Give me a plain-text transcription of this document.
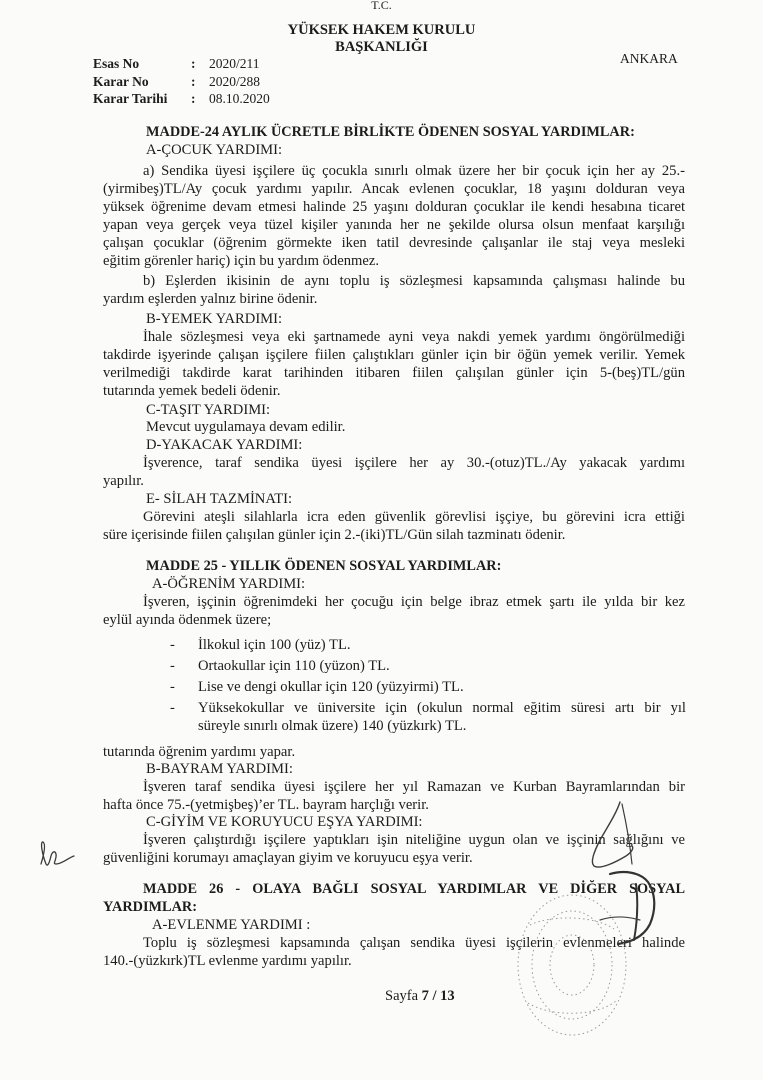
T.C.
YÜKSEK HAKEM KURULU
BAŞKANLIĞI
ANKARA
Esas No	:	2020/211
Karar No	:	2020/288
Karar Tarihi	:	08.10.2020
MADDE-24 AYLIK ÜCRETLE BİRLİKTE ÖDENEN SOSYAL YARDIMLAR:
A-ÇOCUK YARDIMI:

a) Sendika üyesi işçilere üç çocukla sınırlı olmak üzere her bir çocuk için her ay 25.-

(yirmibeş)TL/Ay çocuk yardımı yapılır. Ancak evlenen çocuklar, 18 yaşını dolduran veya

yüksek öğrenime devam etmesi halinde 25 yaşını dolduran çocuklar ile kendi hesabına ticaret

yapan veya gerçek veya tüzel kişiler yanında her ne şekilde olursa olsun menfaat karşılığı

çalışan çocuklar (öğrenim görmekte iken tatil devresinde çalışanlar ile staj veya mesleki

eğitim görenler hariç) için bu yardım ödenmez.

b) Eşlerden ikisinin de aynı toplu iş sözleşmesi kapsamında çalışması halinde bu

yardım eşlerden yalnız birine ödenir.

B-YEMEK YARDIMI:

İhale sözleşmesi veya eki şartnamede ayni veya nakdi yemek yardımı öngörülmediği

takdirde işyerinde çalışan işçilere fiilen çalıştıkları günler için bir öğün yemek verilir. Yemek

verilmediği takdirde karat tarihinden itibaren fiilen çalışılan günler için 5-(beş)TL/gün

tutarında yemek bedeli ödenir.

C-TAŞIT YARDIMI:
Mevcut uygulamaya devam edilir.
D-YAKACAK YARDIMI:

İşverence, taraf sendika üyesi işçilere her ay 30.-(otuz)TL./Ay yakacak yardımı

yapılır.

E- SİLAH TAZMİNATI:

Görevini ateşli silahlarla icra eden güvenlik görevlisi işçiye, bu görevini icra ettiği

süre içerisinde fiilen çalışılan günler için 2.-(iki)TL/Gün silah tazminatı ödenir.

MADDE 25 - YILLIK ÖDENEN SOSYAL YARDIMLAR:
A-ÖĞRENİM YARDIMI:

İşveren, işçinin öğrenimdeki her çocuğu için belge ibraz etmek şartı ile yılda bir kez

eylül ayında ödenmek üzere;

-	İlkokul için 100 (yüz) TL.
-	Ortaokullar için 110 (yüzon) TL.
-	Lise ve dengi okullar için 120 (yüzyirmi) TL.
-	Yüksekokullar ve üniversite için (okulun normal eğitim süresi artı bir yıl

süreyle sınırlı olmak üzere) 140 (yüzkırk) TL.

tutarında öğrenim yardımı yapar.
B-BAYRAM YARDIMI:

İşveren taraf sendika üyesi işçilere her yıl Ramazan ve Kurban Bayramlarından bir

hafta önce 75.-(yetmişbeş)’er TL. bayram harçlığı verir.

C-GİYİM VE KORUYUCU EŞYA YARDIMI:

İşveren çalıştırdığı işçilere yaptıkları işin niteliğine uygun olan ve işçinin sağlığını ve

güvenliğini korumayı amaçlayan giyim ve koruyucu eşya verir.

MADDE 26 - OLAYA BAĞLI SOSYAL YARDIMLAR VE DİĞER SOSYAL

YARDIMLAR:

A-EVLENME YARDIMI :

Toplu iş sözleşmesi kapsamında çalışan sendika üyesi işçilerin evlenmeleri halinde

140.-(yüzkırk)TL evlenme yardımı yapılır.

Sayfa 7 / 13
